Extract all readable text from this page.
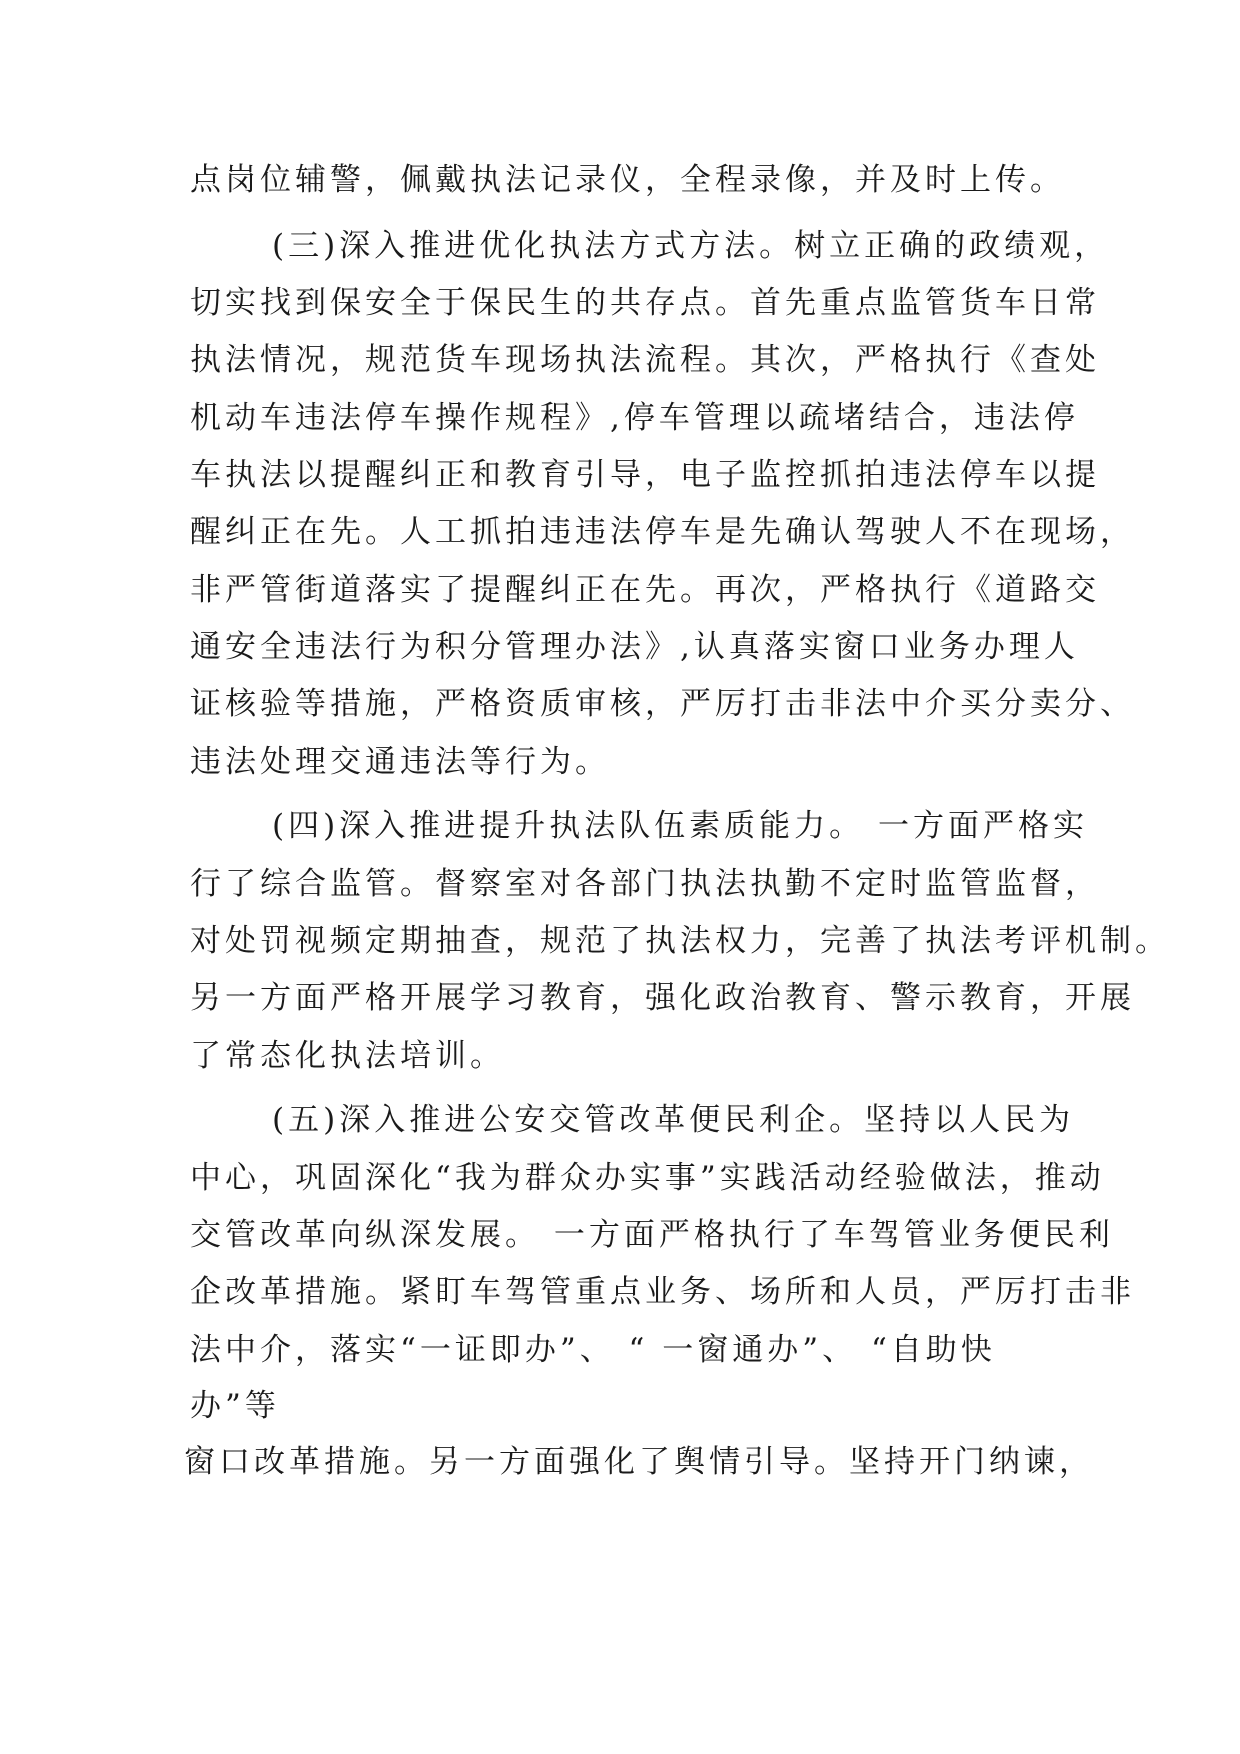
点岗位辅警，佩戴执法记录仪，全程录像，并及时上传。
(三)深入推进优化执法方式方法。树立正确的政绩观，
切实找到保安全于保民生的共存点。首先重点监管货车日常
执法情况，规范货车现场执法流程。其次，严格执行《查处
机动车违法停车操作规程》,停车管理以疏堵结合，违法停
车执法以提醒纠正和教育引导，电子监控抓拍违法停车以提
醒纠正在先。人工抓拍违违法停车是先确认驾驶人不在现场，
非严管街道落实了提醒纠正在先。再次，严格执行《道路交
通安全违法行为积分管理办法》,认真落实窗口业务办理人
证核验等措施，严格资质审核，严厉打击非法中介买分卖分、
违法处理交通违法等行为。
(四)深入推进提升执法队伍素质能力。 一方面严格实
行了综合监管。督察室对各部门执法执勤不定时监管监督，
对处罚视频定期抽查，规范了执法权力，完善了执法考评机制。
另一方面严格开展学习教育，强化政治教育、警示教育，开展
了常态化执法培训。
(五)深入推进公安交管改革便民利企。坚持以人民为
中心，巩固深化“我为群众办实事”实践活动经验做法，推动
交管改革向纵深发展。 一方面严格执行了车驾管业务便民利
企改革措施。紧盯车驾管重点业务、场所和人员，严厉打击非
法中介，落实“一证即办”、 “ 一窗通办”、 “自助快
办”等
窗口改革措施。另一方面强化了舆情引导。坚持开门纳谏，
